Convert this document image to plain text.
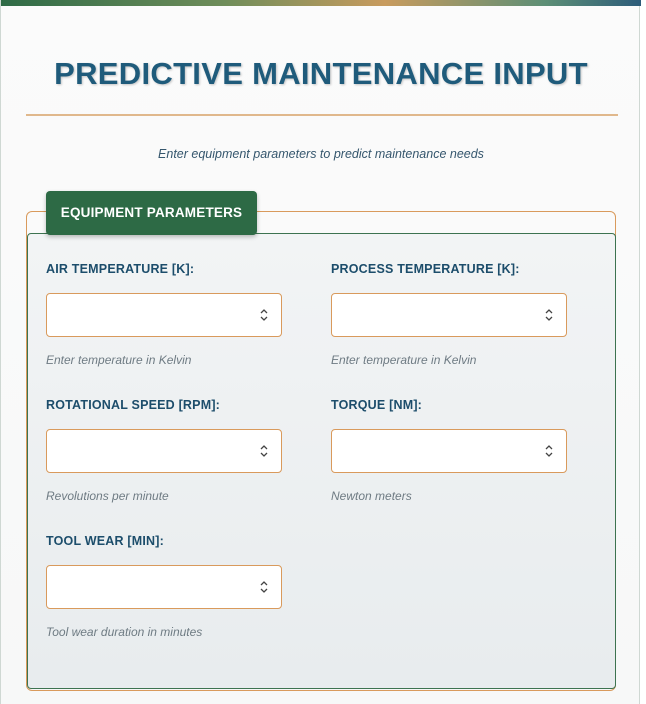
PREDICTIVE MAINTENANCE INPUT
Enter equipment parameters to predict maintenance needs
EQUIPMENT PARAMETERS
AIR TEMPERATURE [K]:
Enter temperature in Kelvin
PROCESS TEMPERATURE [K]:
Enter temperature in Kelvin
ROTATIONAL SPEED [RPM]:
Revolutions per minute
TORQUE [NM]:
Newton meters
TOOL WEAR [MIN]:
Tool wear duration in minutes
